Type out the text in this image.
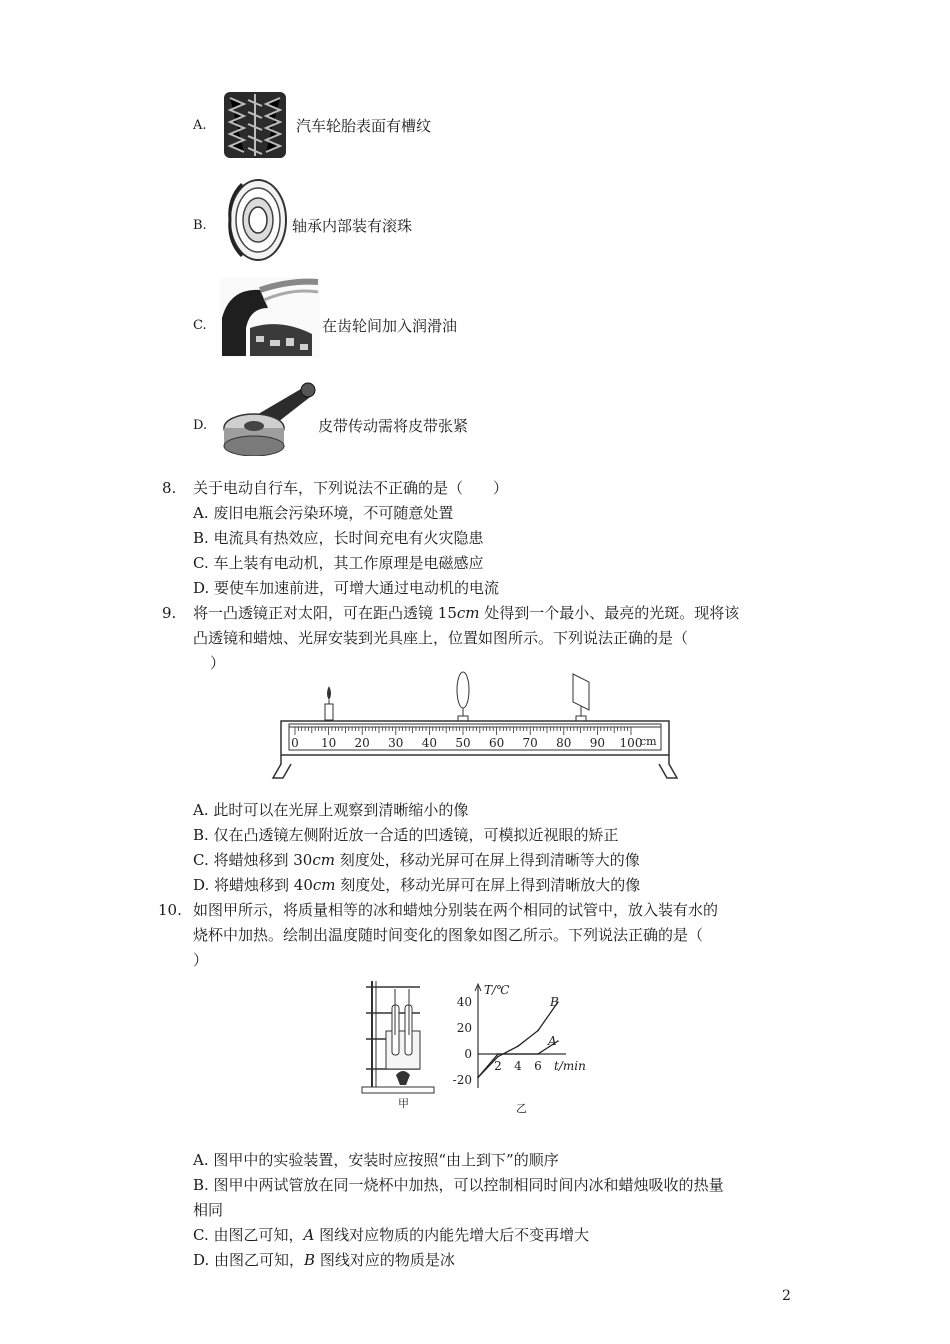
A.	汽车轮胎表面有槽纹
B.	轴承内部装有滚珠
C.	在齿轮间加入润滑油
D.	皮带传动需将皮带张紧
8. 关于电动自行车，下列说法不正确的是（　　）
A. 废旧电瓶会污染环境，不可随意处置
B. 电流具有热效应，长时间充电有火灾隐患
C. 车上装有电动机，其工作原理是电磁感应
D. 要使车加速前进，可增大通过电动机的电流
9. 将一凸透镜正对太阳，可在距凸透镜 15cm 处得到一个最小、最亮的光斑。现将该
凸透镜和蜡烛、光屏安装到光具座上，位置如图所示。下列说法正确的是（
）
0 10 20 30 40 50 60 70 80 90 100
cm
A. 此时可以在光屏上观察到清晰缩小的像
B. 仅在凸透镜左侧附近放一合适的凹透镜，可模拟近视眼的矫正
C. 将蜡烛移到 30cm 刻度处，移动光屏可在屏上得到清晰等大的像
D. 将蜡烛移到 40cm 刻度处，移动光屏可在屏上得到清晰放大的像
10. 如图甲所示，将质量相等的冰和蜡烛分别装在两个相同的试管中，放入装有水的
烧杯中加热。绘制出温度随时间变化的图象如图乙所示。下列说法正确的是（
）
甲
T/℃
t/min
40
20
0
-20
2 4 6
B
A
乙
A. 图甲中的实验装置，安装时应按照“由上到下”的顺序
B. 图甲中两试管放在同一烧杯中加热，可以控制相同时间内冰和蜡烛吸收的热量
相同
C. 由图乙可知，A 图线对应物质的内能先增大后不变再增大
D. 由图乙可知，B 图线对应的物质是冰
2
